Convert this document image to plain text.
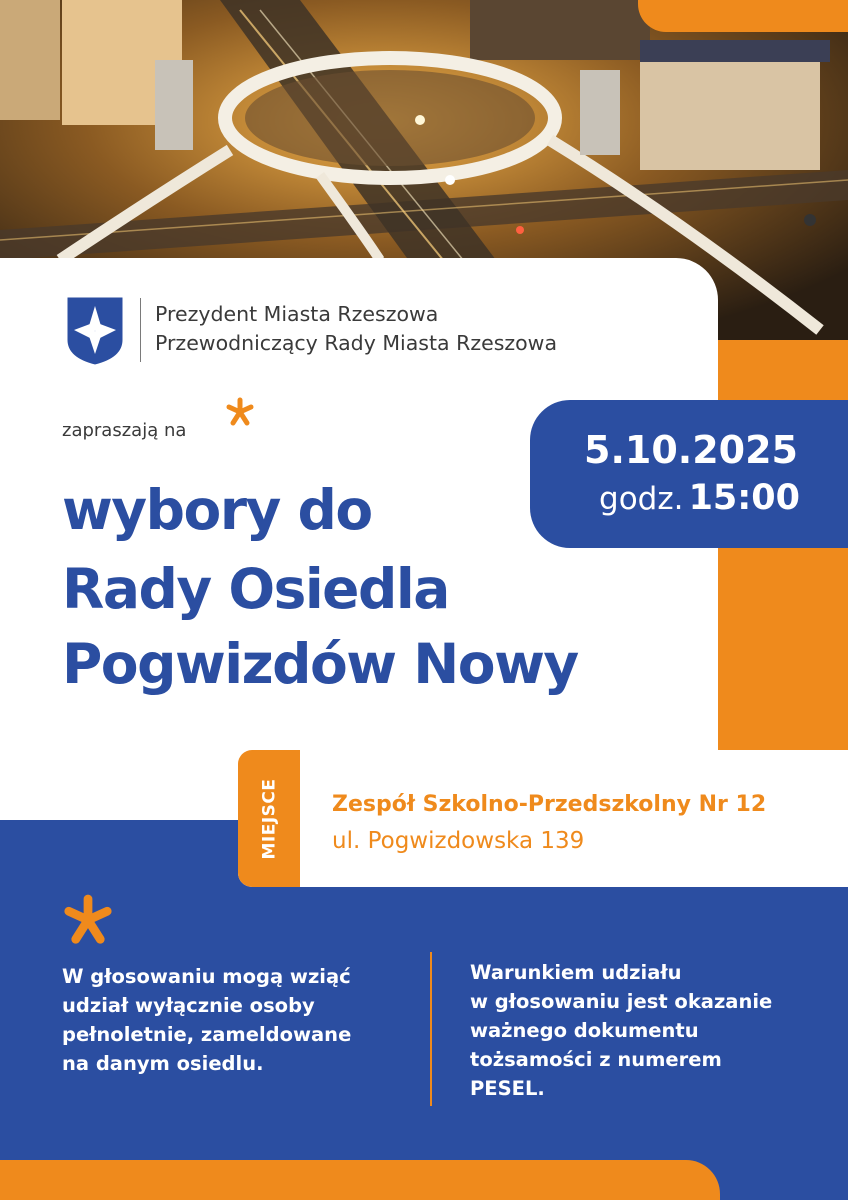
Prezydent Miasta Rzeszowa
Przewodniczący Rady Miasta Rzeszowa
zapraszają na
wybory do
Rady Osiedla
Pogwizdów Nowy
5.10.2025
godz. 15:00
MIEJSCE Zespół Szkolno-Przedszkolny Nr 12
ul. Pogwizdowska 139
W głosowaniu mogą wziąć
udział wyłącznie osoby
pełnoletnie, zameldowane
na danym osiedlu.
Warunkiem udziału
w głosowaniu jest okazanie
ważnego dokumentu
tożsamości z numerem
PESEL.
